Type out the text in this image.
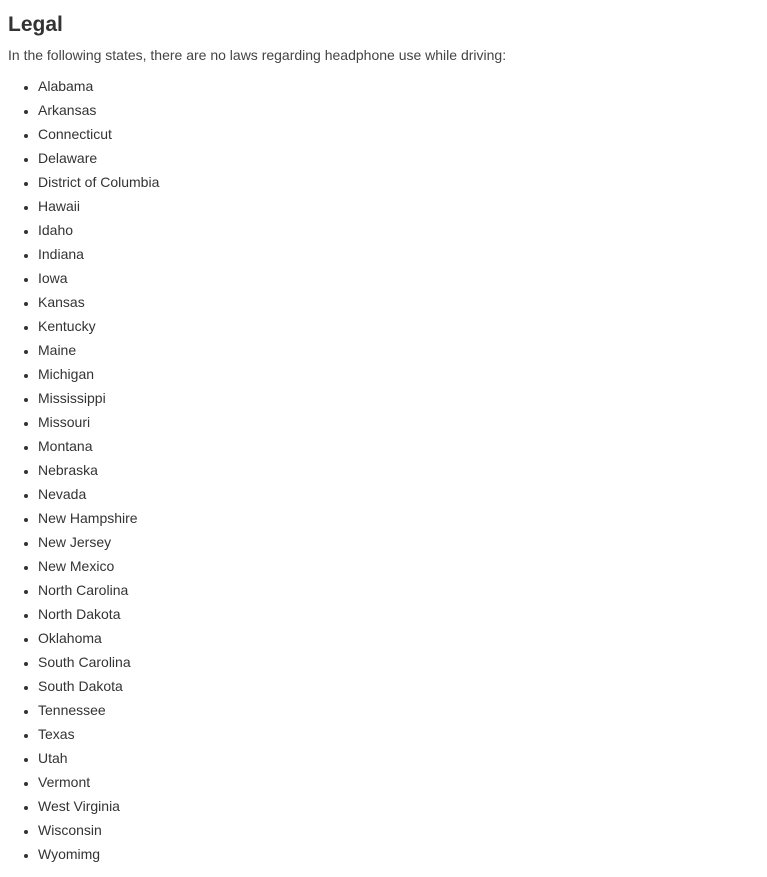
Legal

In the following states, there are no laws regarding headphone use while driving:

• Alabama
• Arkansas
• Connecticut
• Delaware
• District of Columbia
• Hawaii
• Idaho
• Indiana
• Iowa
• Kansas
• Kentucky
• Maine
• Michigan
• Mississippi
• Missouri
• Montana
• Nebraska
• Nevada
• New Hampshire
• New Jersey
• New Mexico
• North Carolina
• North Dakota
• Oklahoma
• South Carolina
• South Dakota
• Tennessee
• Texas
• Utah
• Vermont
• West Virginia
• Wisconsin
• Wyomimg
